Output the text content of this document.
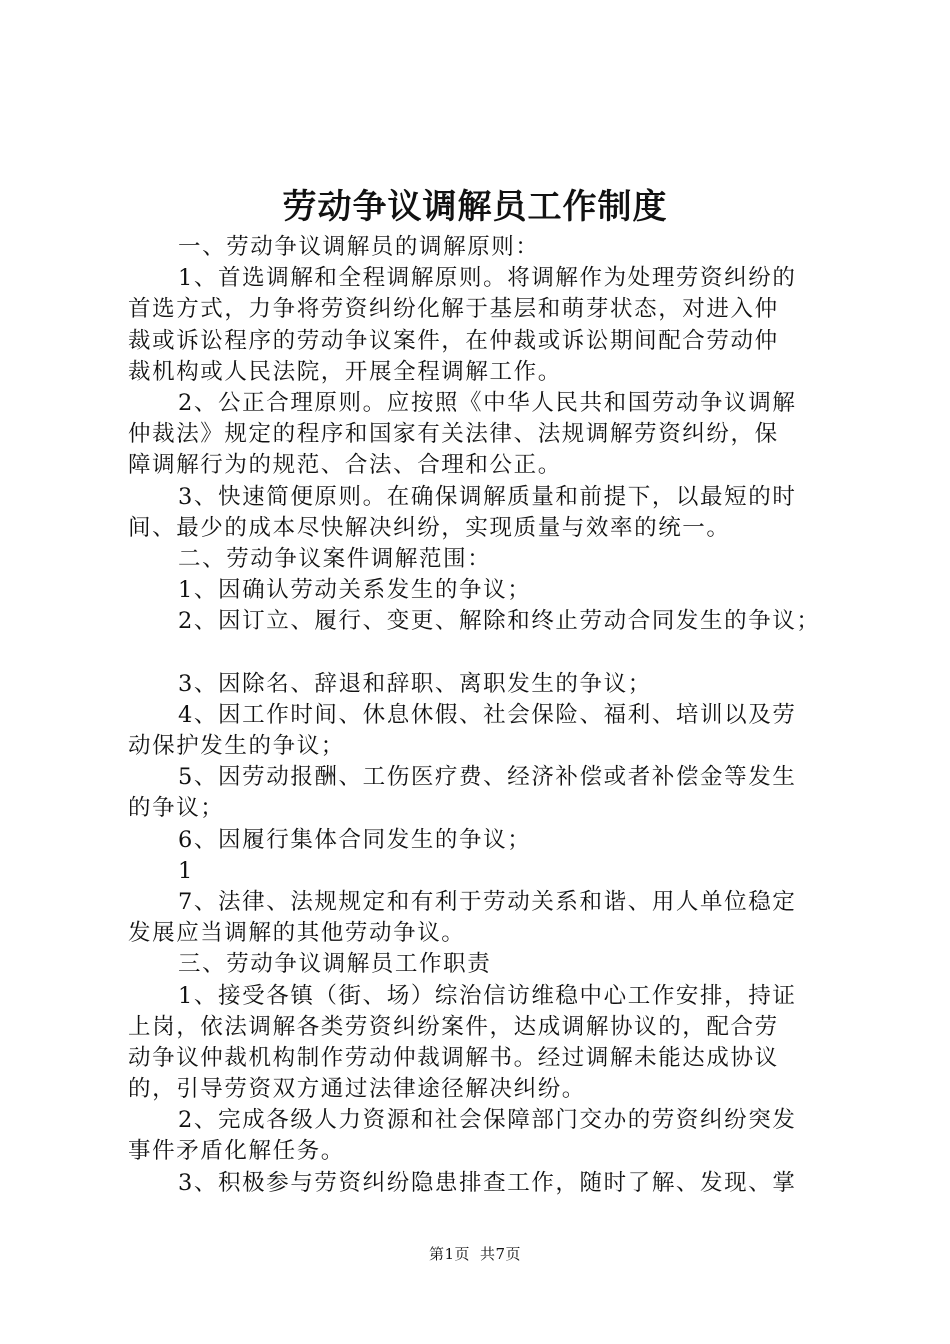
劳动争议调解员工作制度
一、劳动争议调解员的调解原则：
1、首选调解和全程调解原则。将调解作为处理劳资纠纷的
首选方式，力争将劳资纠纷化解于基层和萌芽状态，对进入仲
裁或诉讼程序的劳动争议案件，在仲裁或诉讼期间配合劳动仲
裁机构或人民法院，开展全程调解工作。
2、公正合理原则。应按照《中华人民共和国劳动争议调解
仲裁法》规定的程序和国家有关法律、法规调解劳资纠纷，保
障调解行为的规范、合法、合理和公正。
3、快速简便原则。在确保调解质量和前提下，以最短的时
间、最少的成本尽快解决纠纷，实现质量与效率的统一。
二、劳动争议案件调解范围：
1、因确认劳动关系发生的争议；
2、因订立、履行、变更、解除和终止劳动合同发生的争议；
3、因除名、辞退和辞职、离职发生的争议；
4、因工作时间、休息休假、社会保险、福利、培训以及劳
动保护发生的争议；
5、因劳动报酬、工伤医疗费、经济补偿或者补偿金等发生
的争议；
6、因履行集体合同发生的争议；
1
7、法律、法规规定和有利于劳动关系和谐、用人单位稳定
发展应当调解的其他劳动争议。
三、劳动争议调解员工作职责
1、接受各镇（街、场）综治信访维稳中心工作安排，持证
上岗，依法调解各类劳资纠纷案件，达成调解协议的，配合劳
动争议仲裁机构制作劳动仲裁调解书。经过调解未能达成协议
的，引导劳资双方通过法律途径解决纠纷。
2、完成各级人力资源和社会保障部门交办的劳资纠纷突发
事件矛盾化解任务。
3、积极参与劳资纠纷隐患排查工作，随时了解、发现、掌
第1页 共7页
